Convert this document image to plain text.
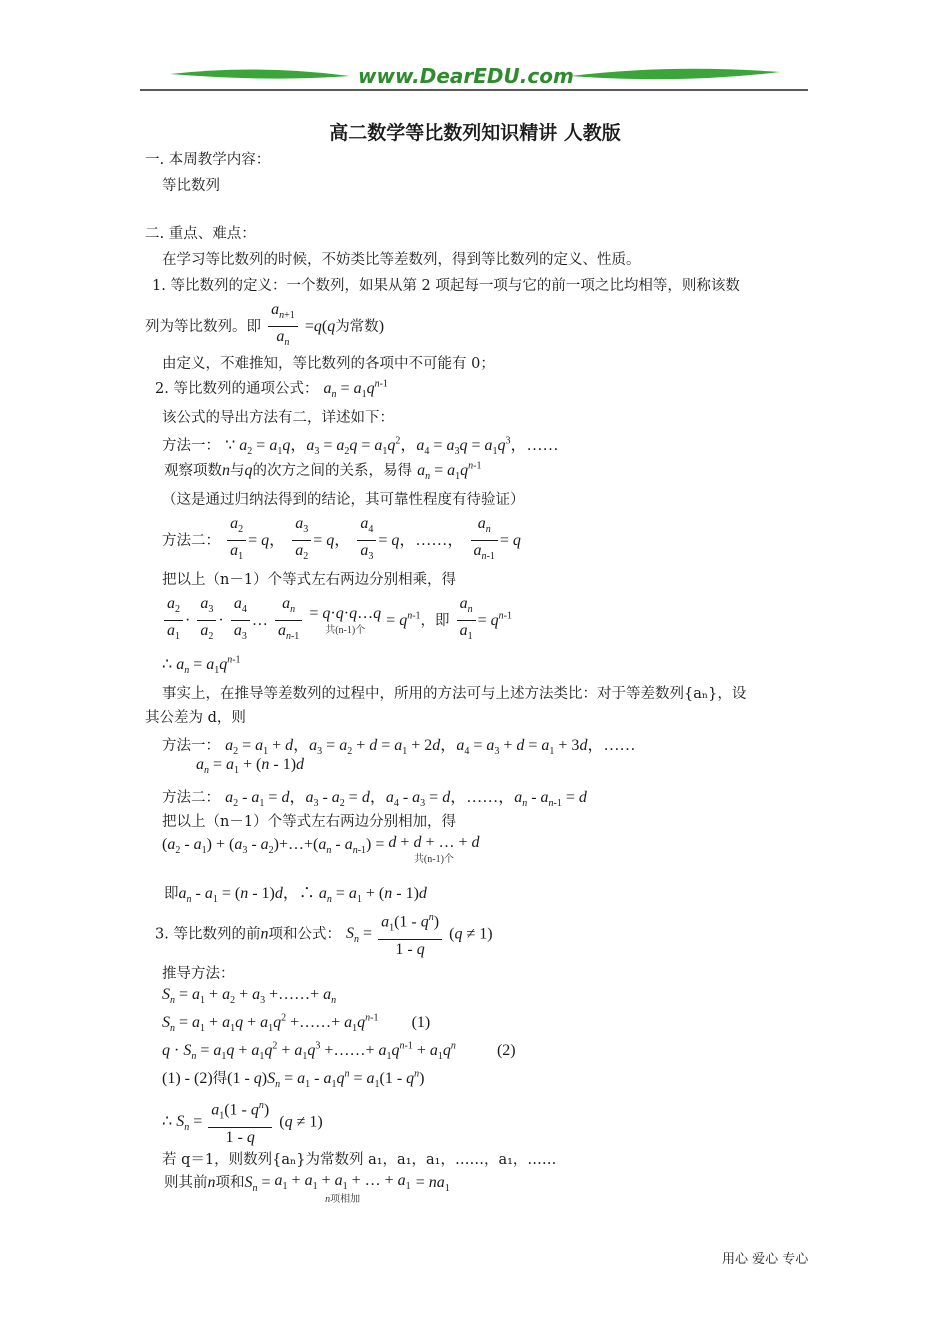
www.DearEDU.com
高二数学等比数列知识精讲 人教版
一. 本周教学内容：
等比数列
二. 重点、难点：
在学习等比数列的时候，不妨类比等差数列，得到等比数列的定义、性质。
1. 等比数列的定义：一个数列，如果从第 2 项起每一项与它的前一项之比均相等，则称该数
列为等比数列。即 $\frac{a_{n+1}}{a_n} =q(q$为常数)
由定义，不难推知，等比数列的各项中不可能有 0；
2. 等比数列的通项公式： $a_n = a_1q^{n-1}$
该公式的导出方法有二，详述如下：
方法一： ∵ $a_2 = a_1q$，$a_3 = a_2q = a_1q^2$，$a_4 = a_3q = a_1q^3$，……
观察项数n与q的次方之间的关系，易得 $a_n = a_1q^{n-1}$
（这是通过归纳法得到的结论，其可靠性程度有待验证）
方法二： $\frac{a_2}{a_1} = q$， $\frac{a_3}{a_2} = q$， $\frac{a_4}{a_3} = q$，……， $\frac{a_n}{a_{n-1}} = q$
把以上（n－1）个等式左右两边分别相乘，得
$\frac{a_2}{a_1} \cdot \frac{a_3}{a_2} \cdot \frac{a_4}{a_3}$ … $\frac{a_n}{a_{n-1}}$ = q·q·q…q
共(n-1)个
= $q^{n-1}$，即 $\frac{a_n}{a_1} = q^{n-1}$
∴ $a_n = a_1q^{n-1}$
事实上，在推导等差数列的过程中，所用的方法可与上述方法类比：对于等差数列{aₙ}，设
其公差为 d，则
方法一： $a_2 = a_1 + d$，$a_3 = a_2 + d = a_1 + 2d$，$a_4 = a_3 + d = a_1 + 3d$，……
$a_n = a_1 + (n - 1)d$
方法二： $a_2 - a_1 = d$，$a_3 - a_2 = d$，$a_4 - a_3 = d$，……，$a_n - a_{n-1} = d$
把以上（n－1）个等式左右两边分别相加，得
$(a_2 - a_1) + (a_3$ - $a_2)+\dots+(a_n - a_{n-1}) = d + d$ + … + d
共(n-1)个
即$a_n - a_1 = (n - 1)d$，∴ $a_n = a_1 + (n - 1)d$
3. 等比数列的前n项和公式： $S_n = \frac{a_1(1 - q^n)}{1 - q} (q \ne 1)$
推导方法：
$S_n = a_1 + a_2 + a_3$ +……+ $a_n$
$S_n = a_1 + a_1q + a_1q^2$ +……+ $a_1q^{n-1}$ (1)
$q \cdot S_n = a_1q + a_1q^2 + a_1q^3$ +……+ $a_1q^{n-1} + a_1q^n$	(2)
(1) - (2)得$(1 - q)S_n = a_1 - a_1q^n = a_1(1 - q^n)$
∴ $S_n = \frac{a_1(1 - q^n)}{1 - q} (q \ne 1)$
若 q＝1，则数列{aₙ}为常数列 a₁，a₁，a₁，……，a₁，……
则其前n项和$S_n = a_1 + a_1 + a_1$ + … + $a_1$
n项相加
= $na_1$
用心 爱心 专心
